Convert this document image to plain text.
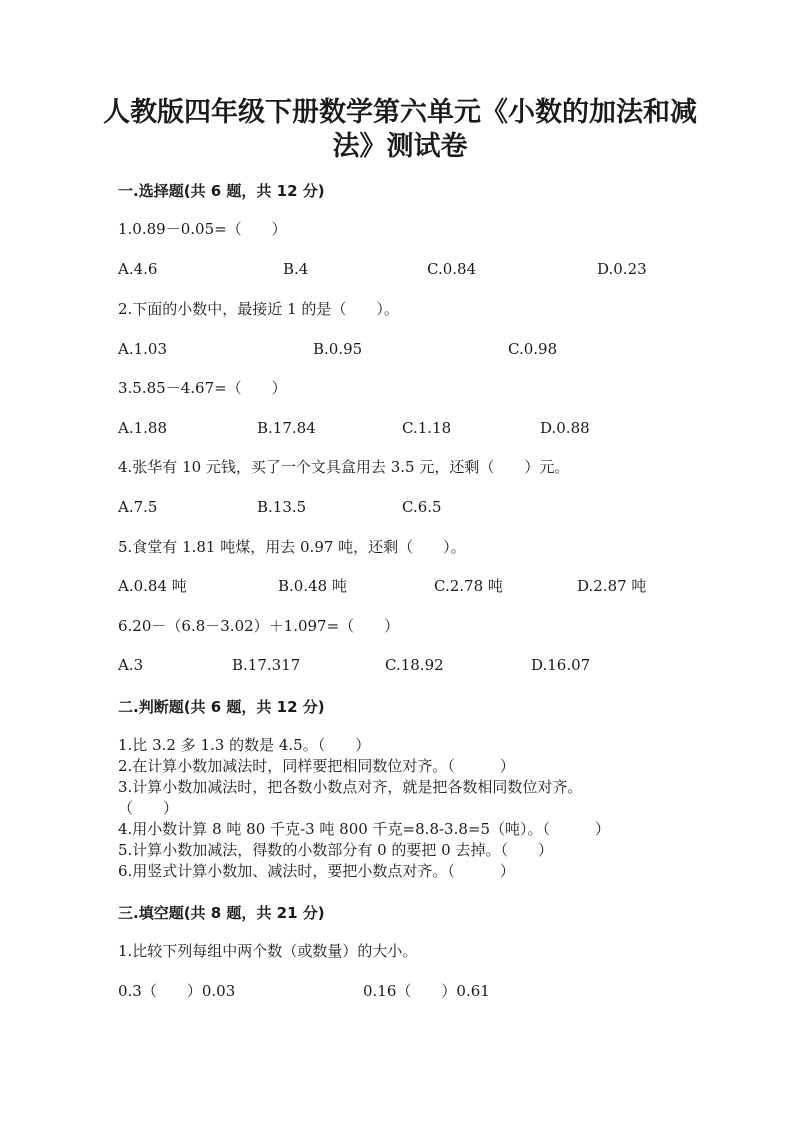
人教版四年级下册数学第六单元《小数的加法和减
法》测试卷
一.选择题(共 6 题，共 12 分)
1.0.89－0.05=（　　）
A.4.6	B.4	C.0.84	D.0.23
2.下面的小数中，最接近 1 的是（　　）。
A.1.03	B.0.95	C.0.98
3.5.85－4.67=（　　）
A.1.88	B.17.84	C.1.18	D.0.88
4.张华有 10 元钱，买了一个文具盒用去 3.5 元，还剩（　　）元。
A.7.5	B.13.5	C.6.5
5.食堂有 1.81 吨煤，用去 0.97 吨，还剩（　　）。
A.0.84 吨	B.0.48 吨	C.2.78 吨	D.2.87 吨
6.20－（6.8－3.02）＋1.097=（　　）
A.3	B.17.317	C.18.92	D.16.07
二.判断题(共 6 题，共 12 分)
1.比 3.2 多 1.3 的数是 4.5。（　　）
2.在计算小数加减法时，同样要把相同数位对齐。（　　　）
3.计算小数加减法时，把各数小数点对齐，就是把各数相同数位对齐。
（　　）
4.用小数计算 8 吨 80 千克-3 吨 800 千克=8.8-3.8=5（吨）。（　　　）
5.计算小数加减法，得数的小数部分有 0 的要把 0 去掉。（　　）
6.用竖式计算小数加、减法时，要把小数点对齐。（　　　）
三.填空题(共 8 题，共 21 分)
1.比较下列每组中两个数（或数量）的大小。
0.3（　　）0.03	0.16（　　）0.61
